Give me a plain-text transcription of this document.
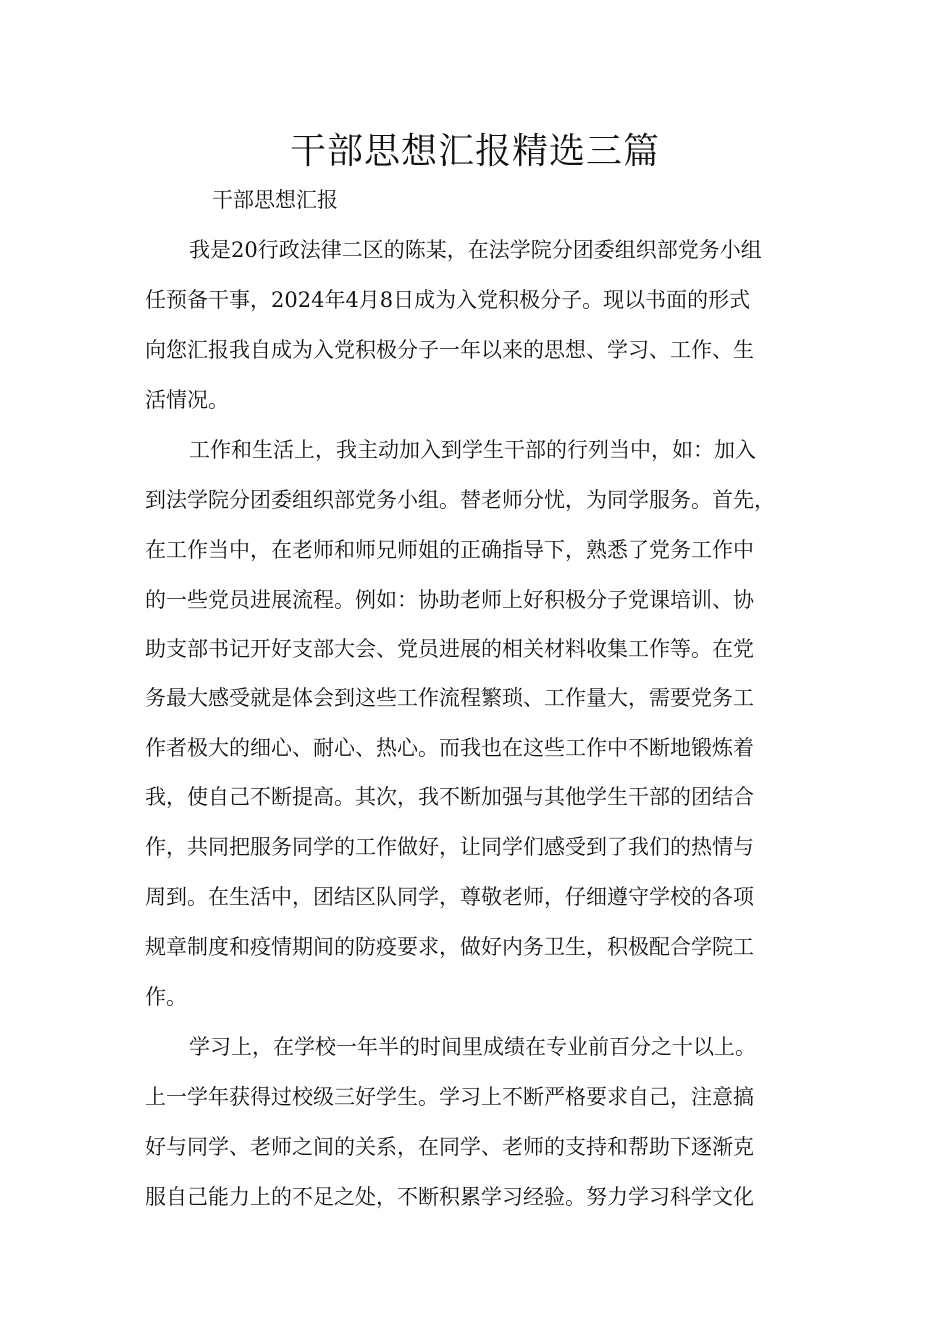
干部思想汇报精选三篇
干部思想汇报
我是20行政法律二区的陈某，在法学院分团委组织部党务小组
任预备干事，2024年4月8日成为入党积极分子。现以书面的形式
向您汇报我自成为入党积极分子一年以来的思想、学习、工作、生
活情况。
工作和生活上，我主动加入到学生干部的行列当中，如：加入
到法学院分团委组织部党务小组。替老师分忧，为同学服务。首先，
在工作当中，在老师和师兄师姐的正确指导下，熟悉了党务工作中
的一些党员进展流程。例如：协助老师上好积极分子党课培训、协
助支部书记开好支部大会、党员进展的相关材料收集工作等。在党
务最大感受就是体会到这些工作流程繁琐、工作量大，需要党务工
作者极大的细心、耐心、热心。而我也在这些工作中不断地锻炼着
我，使自己不断提高。其次，我不断加强与其他学生干部的团结合
作，共同把服务同学的工作做好，让同学们感受到了我们的热情与
周到。在生活中，团结区队同学，尊敬老师，仔细遵守学校的各项
规章制度和疫情期间的防疫要求，做好内务卫生，积极配合学院工
作。
学习上，在学校一年半的时间里成绩在专业前百分之十以上。
上一学年获得过校级三好学生。学习上不断严格要求自己，注意搞
好与同学、老师之间的关系，在同学、老师的支持和帮助下逐渐克
服自己能力上的不足之处，不断积累学习经验。努力学习科学文化
